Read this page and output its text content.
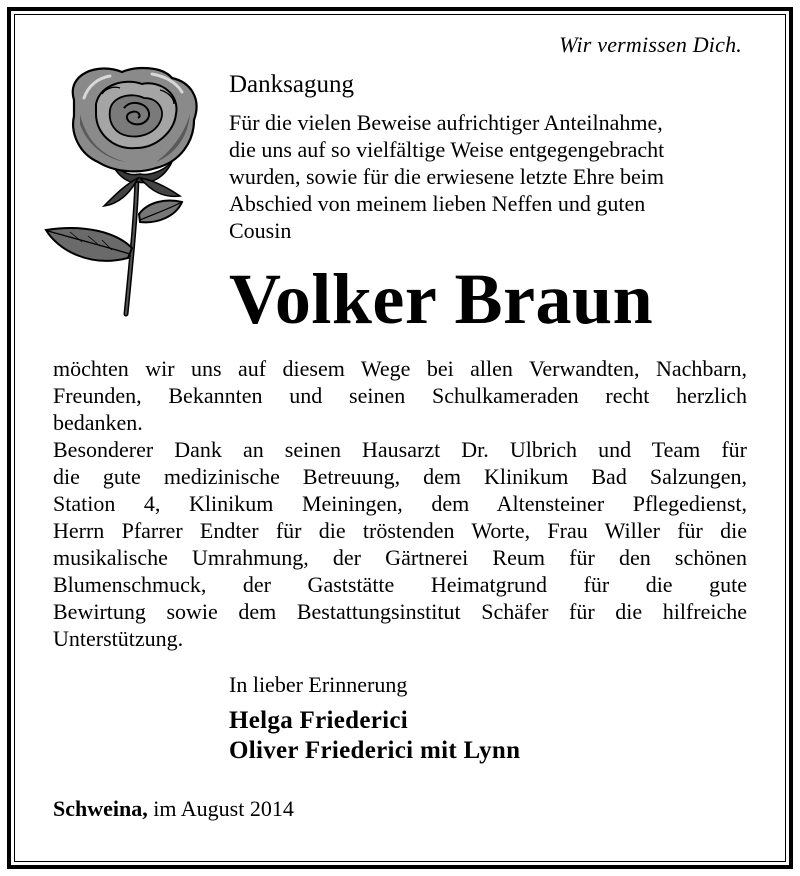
Wir vermissen Dich.
Danksagung

Für die vielen Beweise aufrichtiger Anteilnahme,
die uns auf so vielfältige Weise entgegengebracht
wurden, sowie für die erwiesene letzte Ehre beim
Abschied von meinem lieben Neffen und guten
Cousin

Volker Braun

möchten wir uns auf diesem Wege bei allen Verwandten, Nachbarn,
Freunden, Bekannten und seinen Schulkameraden recht herzlich
bedanken.
Besonderer Dank an seinen Hausarzt Dr. Ulbrich und Team für
die gute medizinische Betreuung, dem Klinikum Bad Salzungen,
Station 4, Klinikum Meiningen, dem Altensteiner Pflegedienst,
Herrn Pfarrer Endter für die tröstenden Worte, Frau Willer für die
musikalische Umrahmung, der Gärtnerei Reum für den schönen
Blumenschmuck, der Gaststätte Heimatgrund für die gute
Bewirtung sowie dem Bestattungsinstitut Schäfer für die hilfreiche
Unterstützung.

In lieber Erinnerung
Helga Friederici
Oliver Friederici mit Lynn
Schweina, im August 2014
